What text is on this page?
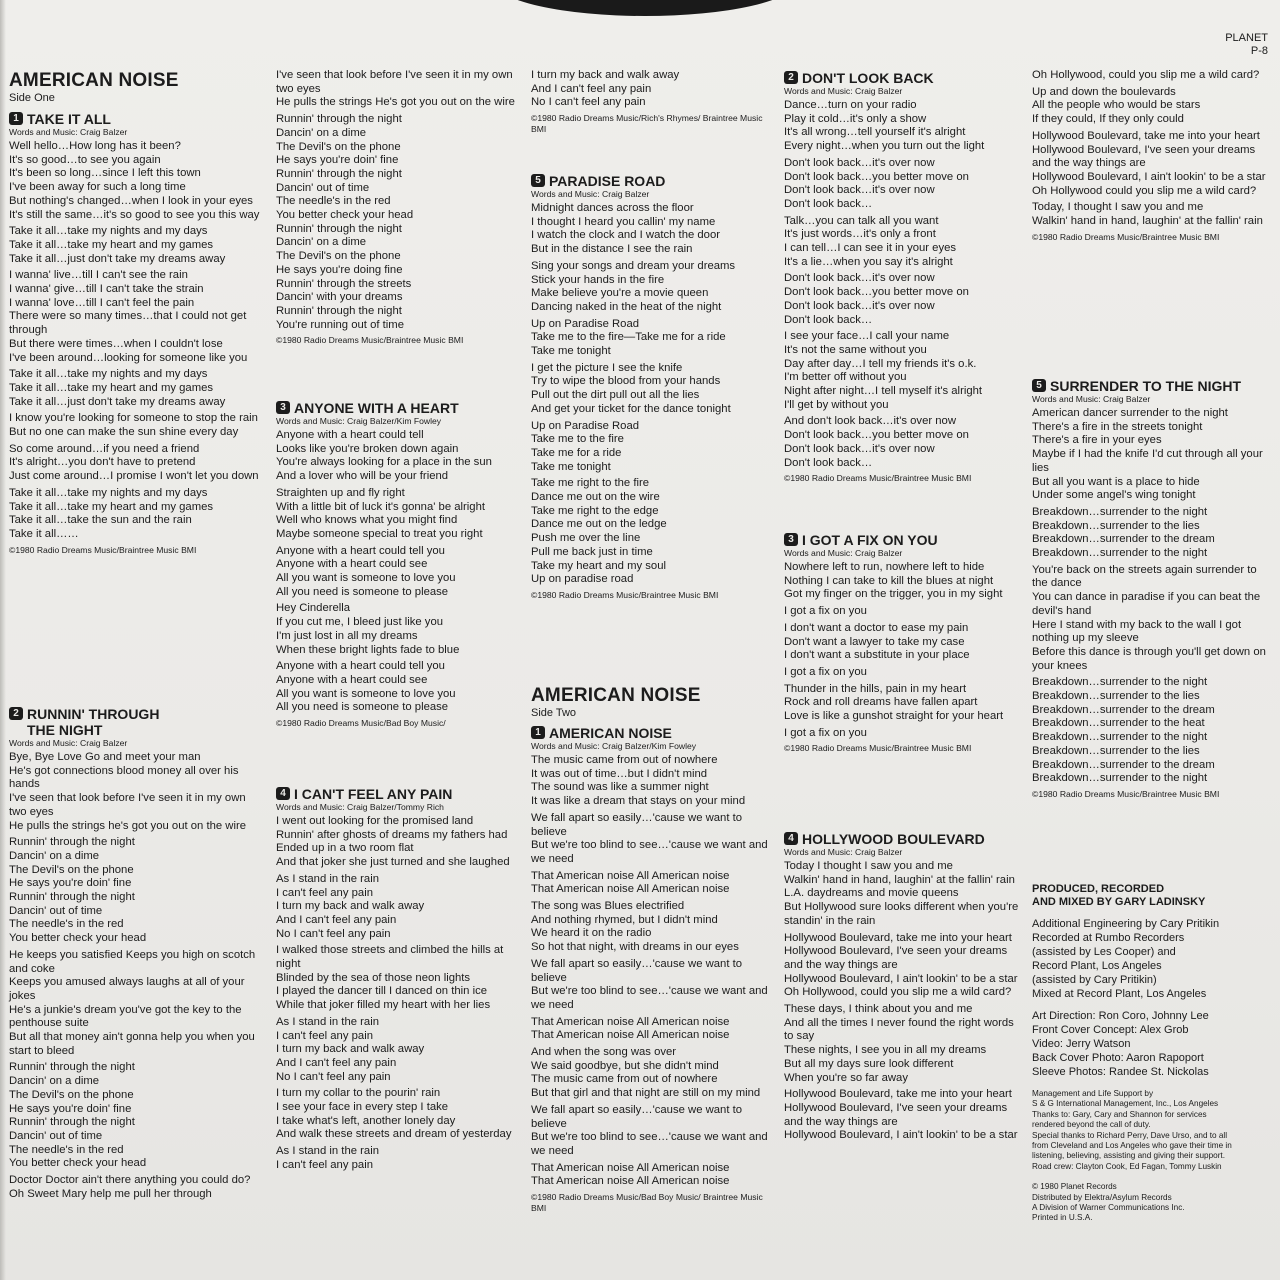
PLANET
P-8
AMERICAN NOISE
Side One
1 TAKE IT ALL
Words and Music: Craig Balzer
Well hello…How long has it been?
It's so good…to see you again
It's been so long…since I left this town
I've been away for such a long time
But nothing's changed…when I look in your eyes
It's still the same…it's so good to see you this way
Take it all…take my nights and my days
Take it all…take my heart and my games
Take it all…just don't take my dreams away
I wanna' live…till I can't see the rain
I wanna' give…till I can't take the strain
I wanna' love…till I can't feel the pain
There were so many times…that I could not get through
But there were times…when I couldn't lose
I've been around…looking for someone like you
Take it all…take my nights and my days
Take it all…take my heart and my games
Take it all…just don't take my dreams away
I know you're looking for someone to stop the rain
But no one can make the sun shine every day
So come around…if you need a friend
It's alright…you don't have to pretend
Just come around…I promise I won't let you down
Take it all…take my nights and my days
Take it all…take my heart and my games
Take it all…take the sun and the rain
Take it all……
©1980 Radio Dreams Music/Braintree Music BMI
2 RUNNIN' THROUGH
THE NIGHT
Words and Music: Craig Balzer
Bye, Bye Love Go and meet your man
He's got connections blood money all over his hands
I've seen that look before I've seen it in my own two eyes
He pulls the strings he's got you out on the wire
Runnin' through the night
Dancin' on a dime
The Devil's on the phone
He says you're doin' fine
Runnin' through the night
Dancin' out of time
The needle's in the red
You better check your head
He keeps you satisfied Keeps you high on scotch and coke
Keeps you amused always laughs at all of your jokes
He's a junkie's dream you've got the key to the penthouse suite
But all that money ain't gonna help you when you start to bleed
Runnin' through the night
Dancin' on a dime
The Devil's on the phone
He says you're doin' fine
Runnin' through the night
Dancin' out of time
The needle's in the red
You better check your head
Doctor Doctor ain't there anything you could do?
Oh Sweet Mary help me pull her through
I've seen that look before I've seen it in my own two eyes
He pulls the strings He's got you out on the wire
Runnin' through the night
Dancin' on a dime
The Devil's on the phone
He says you're doin' fine
Runnin' through the night
Dancin' out of time
The needle's in the red
You better check your head
Runnin' through the night
Dancin' on a dime
The Devil's on the phone
He says you're doing fine
Runnin' through the streets
Dancin' with your dreams
Runnin' through the night
You're running out of time
©1980 Radio Dreams Music/Braintree Music BMI
3 ANYONE WITH A HEART
Words and Music: Craig Balzer/Kim Fowley
Anyone with a heart could tell
Looks like you're broken down again
You're always looking for a place in the sun
And a lover who will be your friend
Straighten up and fly right
With a little bit of luck it's gonna' be alright
Well who knows what you might find
Maybe someone special to treat you right
Anyone with a heart could tell you
Anyone with a heart could see
All you want is someone to love you
All you need is someone to please
Hey Cinderella
If you cut me, I bleed just like you
I'm just lost in all my dreams
When these bright lights fade to blue
Anyone with a heart could tell you
Anyone with a heart could see
All you want is someone to love you
All you need is someone to please
©1980 Radio Dreams Music/Bad Boy Music/
4 I CAN'T FEEL ANY PAIN
Words and Music: Craig Balzer/Tommy Rich
I went out looking for the promised land
Runnin' after ghosts of dreams my fathers had
Ended up in a two room flat
And that joker she just turned and she laughed
As I stand in the rain
I can't feel any pain
I turn my back and walk away
And I can't feel any pain
No I can't feel any pain
I walked those streets and climbed the hills at night
Blinded by the sea of those neon lights
I played the dancer till I danced on thin ice
While that joker filled my heart with her lies
As I stand in the rain
I can't feel any pain
I turn my back and walk away
And I can't feel any pain
No I can't feel any pain
I turn my collar to the pourin' rain
I see your face in every step I take
I take what's left, another lonely day
And walk these streets and dream of yesterday
As I stand in the rain
I can't feel any pain
I turn my back and walk away
And I can't feel any pain
No I can't feel any pain
©1980 Radio Dreams Music/Rich's Rhymes/ Braintree Music BMI
5 PARADISE ROAD
Words and Music: Craig Balzer
Midnight dances across the floor
I thought I heard you callin' my name
I watch the clock and I watch the door
But in the distance I see the rain
Sing your songs and dream your dreams
Stick your hands in the fire
Make believe you're a movie queen
Dancing naked in the heat of the night
Up on Paradise Road
Take me to the fire—Take me for a ride
Take me tonight
I get the picture I see the knife
Try to wipe the blood from your hands
Pull out the dirt pull out all the lies
And get your ticket for the dance tonight
Up on Paradise Road
Take me to the fire
Take me for a ride
Take me tonight
Take me right to the fire
Dance me out on the wire
Take me right to the edge
Dance me out on the ledge
Push me over the line
Pull me back just in time
Take my heart and my soul
Up on paradise road
©1980 Radio Dreams Music/Braintree Music BMI
AMERICAN NOISE
Side Two
1 AMERICAN NOISE
Words and Music: Craig Balzer/Kim Fowley
The music came from out of nowhere
It was out of time…but I didn't mind
The sound was like a summer night
It was like a dream that stays on your mind
We fall apart so easily…'cause we want to believe
But we're too blind to see…'cause we want and we need
That American noise All American noise
That American noise All American noise
The song was Blues electrified
And nothing rhymed, but I didn't mind
We heard it on the radio
So hot that night, with dreams in our eyes
We fall apart so easily…'cause we want to believe
But we're too blind to see…'cause we want and we need
That American noise All American noise
That American noise All American noise
And when the song was over
We said goodbye, but she didn't mind
The music came from out of nowhere
But that girl and that night are still on my mind
We fall apart so easily…'cause we want to believe
But we're too blind to see…'cause we want and we need
That American noise All American noise
That American noise All American noise
©1980 Radio Dreams Music/Bad Boy Music/ Braintree Music BMI
2 DON'T LOOK BACK
Words and Music: Craig Balzer
Dance…turn on your radio
Play it cold…it's only a show
It's all wrong…tell yourself it's alright
Every night…when you turn out the light
Don't look back…it's over now
Don't look back…you better move on
Don't look back…it's over now
Don't look back…
Talk…you can talk all you want
It's just words…it's only a front
I can tell…I can see it in your eyes
It's a lie…when you say it's alright
Don't look back…it's over now
Don't look back…you better move on
Don't look back…it's over now
Don't look back…
I see your face…I call your name
It's not the same without you
Day after day…I tell my friends it's o.k.
I'm better off without you
Night after night…I tell myself it's alright
I'll get by without you
And don't look back…it's over now
Don't look back…you better move on
Don't look back…it's over now
Don't look back…
©1980 Radio Dreams Music/Braintree Music BMI
3 I GOT A FIX ON YOU
Words and Music: Craig Balzer
Nowhere left to run, nowhere left to hide
Nothing I can take to kill the blues at night
Got my finger on the trigger, you in my sight
I got a fix on you
I don't want a doctor to ease my pain
Don't want a lawyer to take my case
I don't want a substitute in your place
I got a fix on you
Thunder in the hills, pain in my heart
Rock and roll dreams have fallen apart
Love is like a gunshot straight for your heart
I got a fix on you
©1980 Radio Dreams Music/Braintree Music BMI
4 HOLLYWOOD BOULEVARD
Words and Music: Craig Balzer
Today I thought I saw you and me
Walkin' hand in hand, laughin' at the fallin' rain
L.A. daydreams and movie queens
But Hollywood sure looks different when you're standin' in the rain
Hollywood Boulevard, take me into your heart
Hollywood Boulevard, I've seen your dreams and the way things are
Hollywood Boulevard, I ain't lookin' to be a star
Oh Hollywood, could you slip me a wild card?
These days, I think about you and me
And all the times I never found the right words to say
These nights, I see you in all my dreams
But all my days sure look different
When you're so far away
Hollywood Boulevard, take me into your heart
Hollywood Boulevard, I've seen your dreams and the way things are
Hollywood Boulevard, I ain't lookin' to be a star
Oh Hollywood, could you slip me a wild card?
Up and down the boulevards
All the people who would be stars
If they could, If they only could
Hollywood Boulevard, take me into your heart
Hollywood Boulevard, I've seen your dreams and the way things are
Hollywood Boulevard, I ain't lookin' to be a star
Oh Hollywood could you slip me a wild card?
Today, I thought I saw you and me
Walkin' hand in hand, laughin' at the fallin' rain
©1980 Radio Dreams Music/Braintree Music BMI
5 SURRENDER TO THE NIGHT
Words and Music: Craig Balzer
American dancer surrender to the night
There's a fire in the streets tonight
There's a fire in your eyes
Maybe if I had the knife I'd cut through all your lies
But all you want is a place to hide
Under some angel's wing tonight
Breakdown…surrender to the night
Breakdown…surrender to the lies
Breakdown…surrender to the dream
Breakdown…surrender to the night
You're back on the streets again surrender to the dance
You can dance in paradise if you can beat the devil's hand
Here I stand with my back to the wall I got nothing up my sleeve
Before this dance is through you'll get down on your knees
Breakdown…surrender to the night
Breakdown…surrender to the lies
Breakdown…surrender to the dream
Breakdown…surrender to the heat
Breakdown…surrender to the night
Breakdown…surrender to the lies
Breakdown…surrender to the dream
Breakdown…surrender to the night
©1980 Radio Dreams Music/Braintree Music BMI
PRODUCED, RECORDED
AND MIXED BY GARY LADINSKY
Additional Engineering by Cary Pritikin
Recorded at Rumbo Recorders
(assisted by Les Cooper) and
Record Plant, Los Angeles
(assisted by Cary Pritikin)
Mixed at Record Plant, Los Angeles
Art Direction: Ron Coro, Johnny Lee
Front Cover Concept: Alex Grob
Video: Jerry Watson
Back Cover Photo: Aaron Rapoport
Sleeve Photos: Randee St. Nickolas
Management and Life Support by
S & G International Management, Inc., Los Angeles
Thanks to: Gary, Cary and Shannon for services
rendered beyond the call of duty.
Special thanks to Richard Perry, Dave Urso, and to all
from Cleveland and Los Angeles who gave their time in
listening, believing, assisting and giving their support.
Road crew: Clayton Cook, Ed Fagan, Tommy Luskin
© 1980 Planet Records
Distributed by Elektra/Asylum Records
A Division of Warner Communications Inc.
Printed in U.S.A.
